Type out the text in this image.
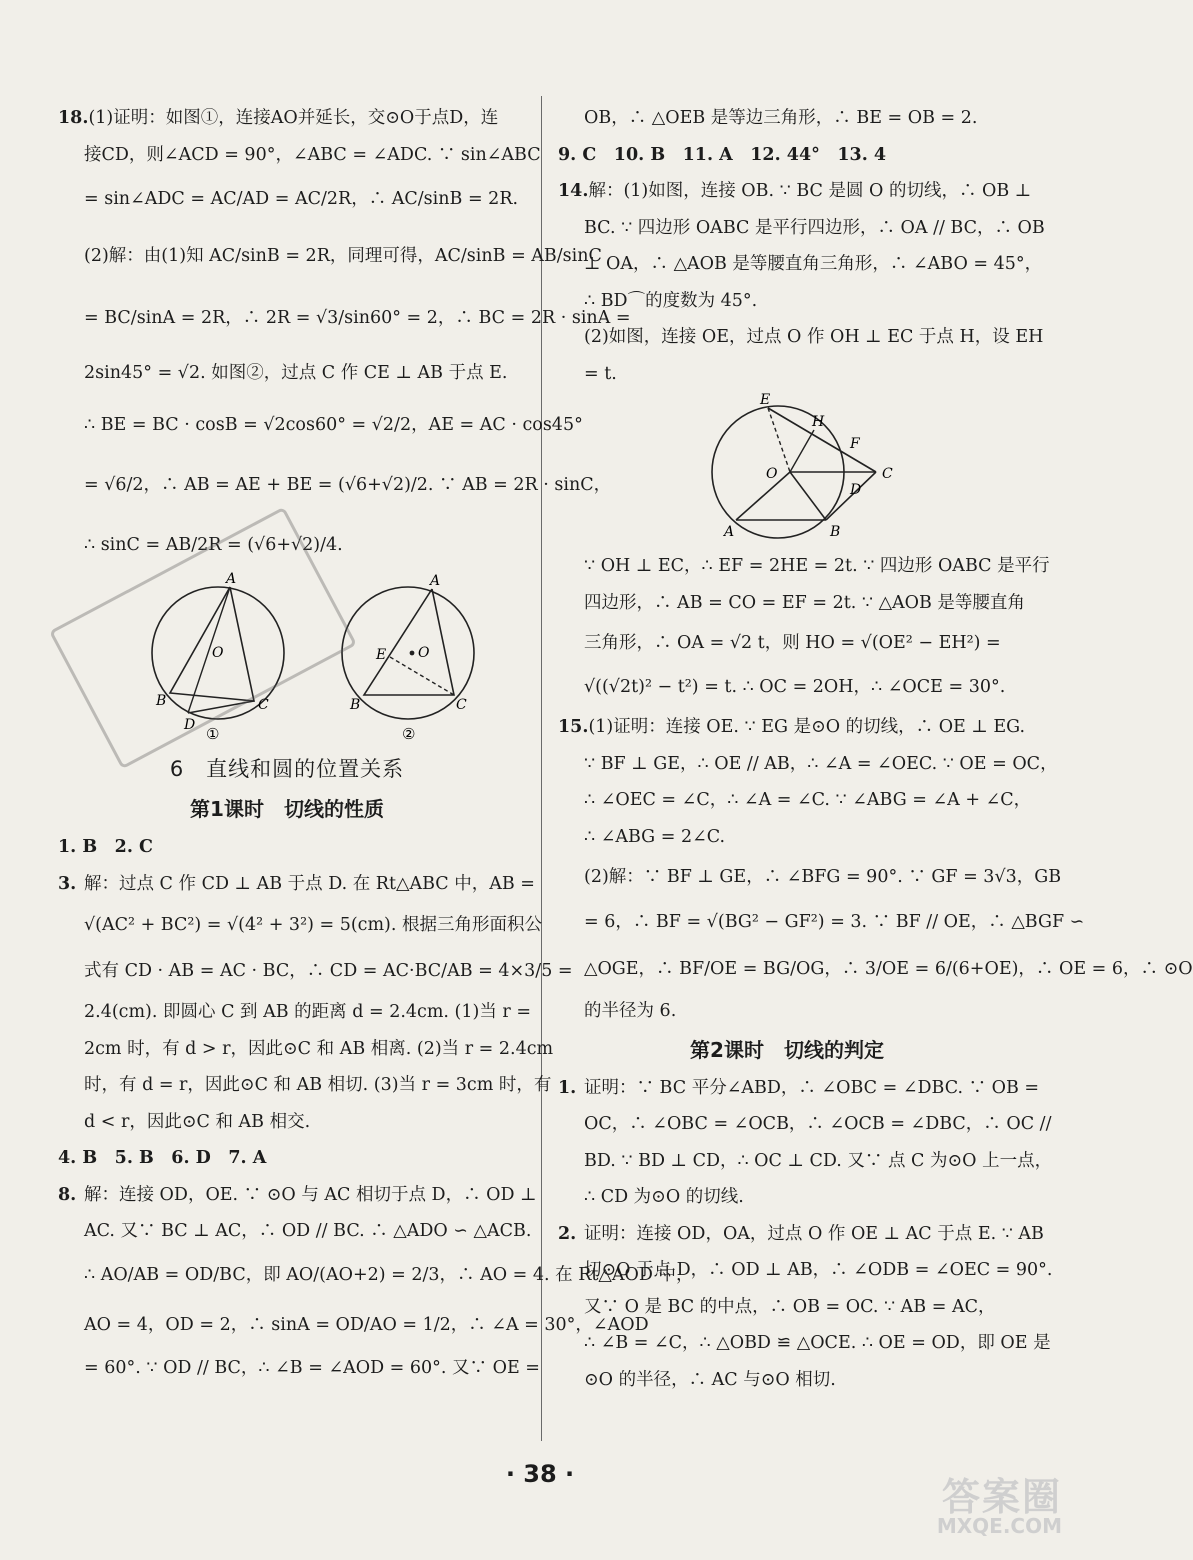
18.(1)证明：如图①，连接AO并延长，交⊙O于点D，连
接CD，则∠ACD = 90°，∠ABC = ∠ADC. ∵ sin∠ABC
= sin∠ADC = AC/AD = AC/2R，∴ AC/sinB = 2R.
(2)解：由(1)知 AC/sinB = 2R，同理可得，AC/sinB = AB/sinC
= BC/sinA = 2R，∴ 2R = √3/sin60° = 2，∴ BC = 2R · sinA =
2sin45° = √2. 如图②，过点 C 作 CE ⊥ AB 于点 E.
∴ BE = BC · cosB = √2cos60° = √2/2，AE = AC · cos45°
= √6/2，∴ AB = AE + BE = (√6+√2)/2. ∵ AB = 2R · sinC，
∴ sinC = AB/2R = (√6+√2)/4.
A
B	C
D
O
①
A
B	C
E O
②
6　直线和圆的位置关系
第1课时　切线的性质
1. B　2. C
3. 解：过点 C 作 CD ⊥ AB 于点 D. 在 Rt△ABC 中，AB =
√(AC² + BC²) = √(4² + 3²) = 5(cm). 根据三角形面积公
式有 CD · AB = AC · BC，∴ CD = AC·BC/AB = 4×3/5 =
2.4(cm). 即圆心 C 到 AB 的距离 d = 2.4cm. (1)当 r =
2cm 时，有 d > r，因此⊙C 和 AB 相离. (2)当 r = 2.4cm
时，有 d = r，因此⊙C 和 AB 相切. (3)当 r = 3cm 时，有
d < r，因此⊙C 和 AB 相交.
4. B　5. B　6. D　7. A
8. 解：连接 OD，OE. ∵ ⊙O 与 AC 相切于点 D，∴ OD ⊥
AC. 又∵ BC ⊥ AC，∴ OD // BC. ∴ △ADO ∽ △ACB.
∴ AO/AB = OD/BC，即 AO/(AO+2) = 2/3，∴ AO = 4. 在 Rt△AOD 中，
AO = 4，OD = 2，∴ sinA = OD/AO = 1/2，∴ ∠A = 30°，∠AOD
= 60°. ∵ OD // BC，∴ ∠B = ∠AOD = 60°. 又∵ OE =
OB，∴ △OEB 是等边三角形，∴ BE = OB = 2.
9. C　10. B　11. A　12. 44°　13. 4
14.解：(1)如图，连接 OB. ∵ BC 是圆 O 的切线，∴ OB ⊥
BC. ∵ 四边形 OABC 是平行四边形，∴ OA // BC，∴ OB
⊥ OA，∴ △AOB 是等腰直角三角形，∴ ∠ABO = 45°，
∴ BD⌒的度数为 45°.
(2)如图，连接 OE，过点 O 作 OH ⊥ EC 于点 H，设 EH
= t.
E
H
F
O
D
C
A	B
∵ OH ⊥ EC，∴ EF = 2HE = 2t. ∵ 四边形 OABC 是平行
四边形，∴ AB = CO = EF = 2t. ∵ △AOB 是等腰直角
三角形，∴ OA = √2 t，则 HO = √(OE² − EH²) =
√((√2t)² − t²) = t. ∴ OC = 2OH，∴ ∠OCE = 30°.
15.(1)证明：连接 OE. ∵ EG 是⊙O 的切线，∴ OE ⊥ EG.
∵ BF ⊥ GE，∴ OE // AB，∴ ∠A = ∠OEC. ∵ OE = OC，
∴ ∠OEC = ∠C，∴ ∠A = ∠C. ∵ ∠ABG = ∠A + ∠C，
∴ ∠ABG = 2∠C.
(2)解：∵ BF ⊥ GE，∴ ∠BFG = 90°. ∵ GF = 3√3，GB
= 6，∴ BF = √(BG² − GF²) = 3. ∵ BF // OE，∴ △BGF ∽
△OGE，∴ BF/OE = BG/OG，∴ 3/OE = 6/(6+OE)，∴ OE = 6，∴ ⊙O
的半径为 6.
第2课时　切线的判定
1. 证明：∵ BC 平分∠ABD，∴ ∠OBC = ∠DBC. ∵ OB =
OC，∴ ∠OBC = ∠OCB，∴ ∠OCB = ∠DBC，∴ OC //
BD. ∵ BD ⊥ CD，∴ OC ⊥ CD. 又∵ 点 C 为⊙O 上一点，
∴ CD 为⊙O 的切线.
2. 证明：连接 OD，OA，过点 O 作 OE ⊥ AC 于点 E. ∵ AB
切⊙O 于点 D，∴ OD ⊥ AB，∴ ∠ODB = ∠OEC = 90°.
又∵ O 是 BC 的中点，∴ OB = OC. ∵ AB = AC，
∴ ∠B = ∠C，∴ △OBD ≌ △OCE. ∴ OE = OD，即 OE 是
⊙O 的半径，∴ AC 与⊙O 相切.
· 38 ·
答案圈
MXQE.COM
